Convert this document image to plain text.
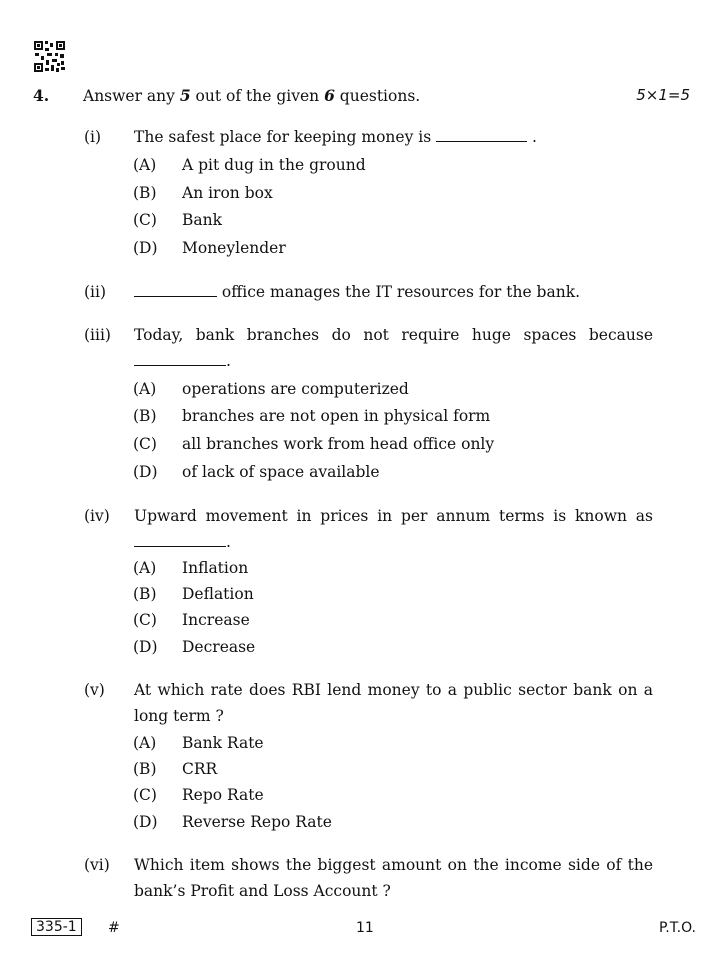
4. Answer any 5 out of the given 6 questions.	5×1=5
(i) The safest place for keeping money is	.
(A) A pit dug in the ground
(B) An iron box
(C) Bank
(D) Moneylender
(ii)	office manages the IT resources for the bank.
(iii) Today, bank branches do not require huge spaces because
.
(A) operations are computerized
(B) branches are not open in physical form
(C) all branches work from head office only
(D) of lack of space available
(iv) Upward movement in prices in per annum terms is known as
.
(A) Inflation
(B) Deflation
(C) Increase
(D) Decrease
(v) At which rate does RBI lend money to a public sector bank on a
long term ?
(A) Bank Rate
(B) CRR
(C) Repo Rate
(D) Reverse Repo Rate
(vi) Which item shows the biggest amount on the income side of the
bank’s Profit and Loss Account ?
335-1	#	11	P.T.O.
